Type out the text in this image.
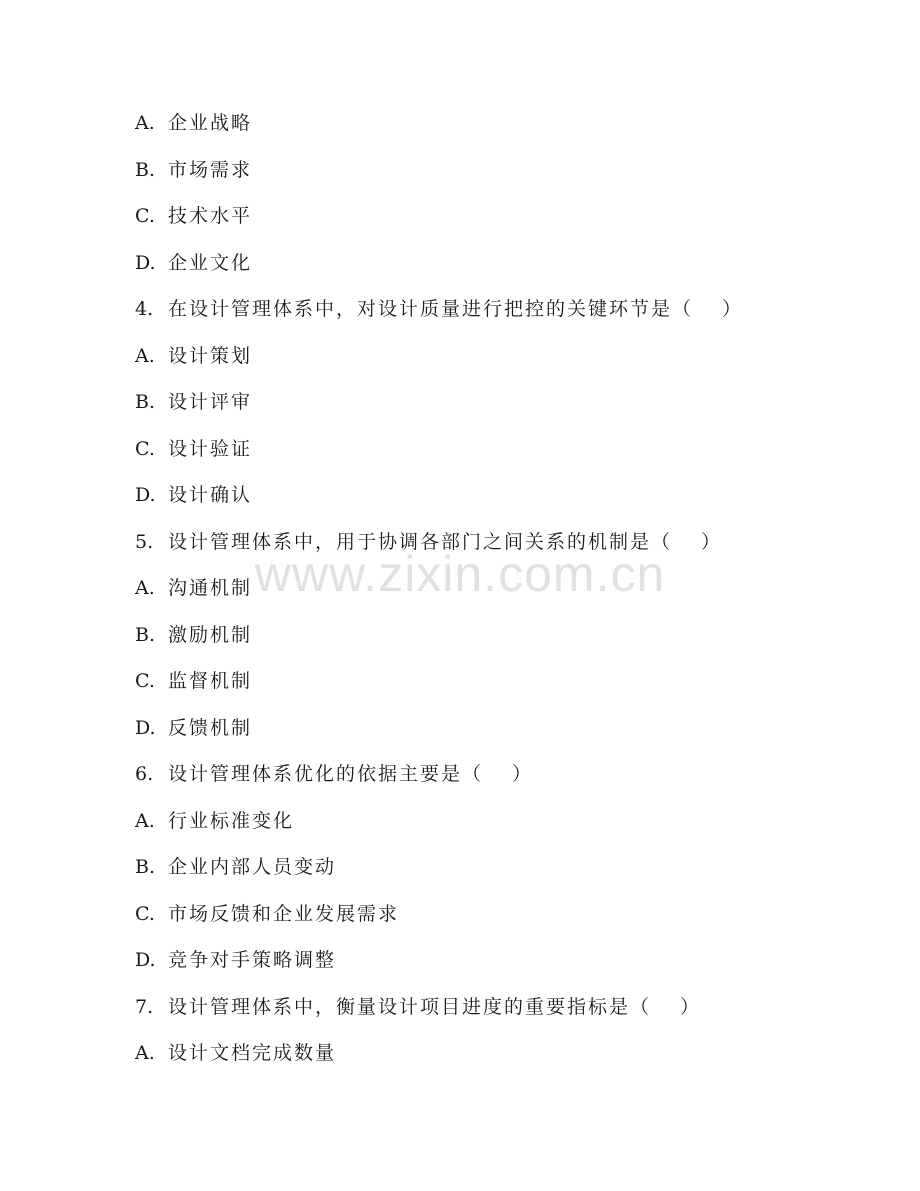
A. 企业战略
B. 市场需求
C. 技术水平
D. 企业文化
4. 在设计管理体系中，对设计质量进行把控的关键环节是（　 ）
A. 设计策划
B. 设计评审
C. 设计验证
D. 设计确认
5. 设计管理体系中，用于协调各部门之间关系的机制是（　 ）
A. 沟通机制
B. 激励机制
C. 监督机制
D. 反馈机制
6. 设计管理体系优化的依据主要是（　 ）
A. 行业标准变化
B. 企业内部人员变动
C. 市场反馈和企业发展需求
D. 竞争对手策略调整
7. 设计管理体系中，衡量设计项目进度的重要指标是（　 ）
A. 设计文档完成数量
www.zixin.com.cn
